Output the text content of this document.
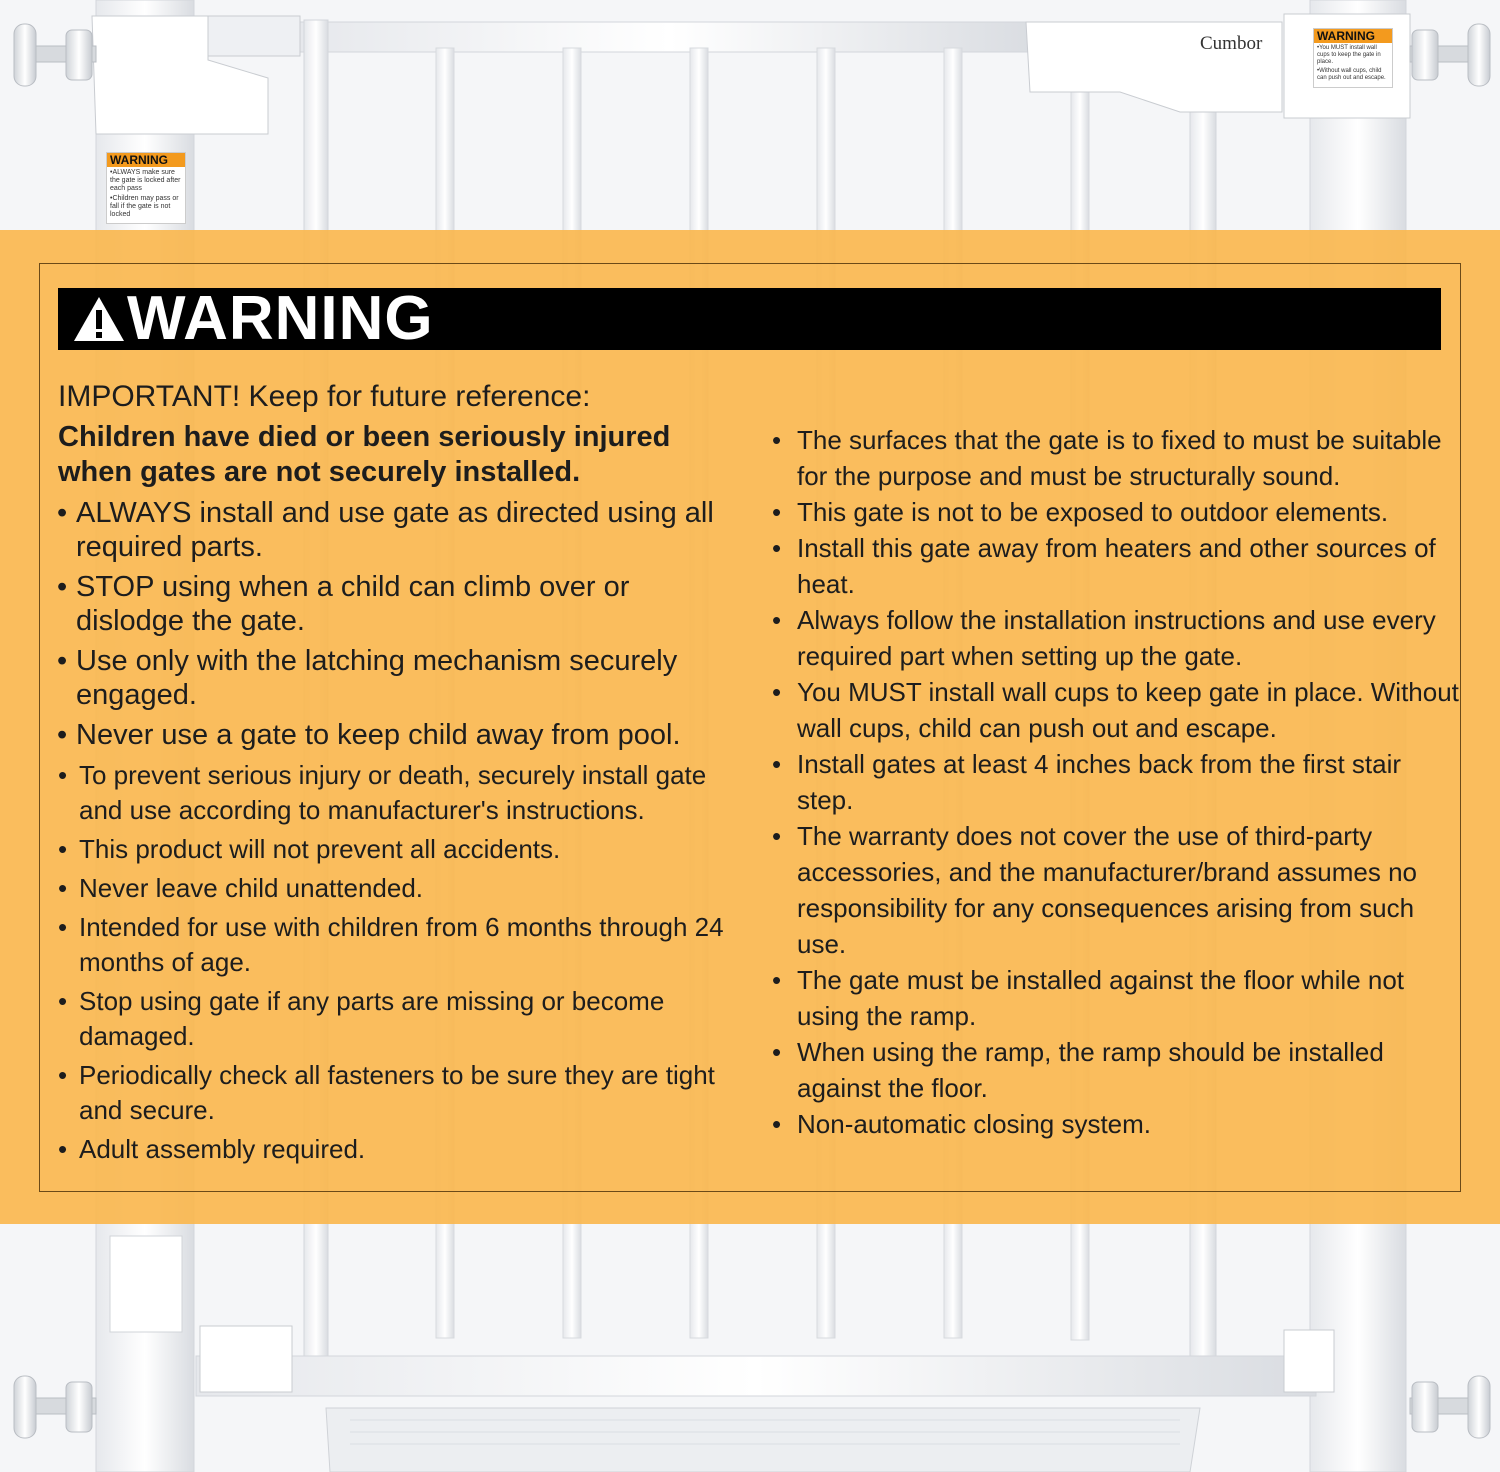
WARNING
•ALWAYS make sure the gate is locked after each pass
•Children may pass or fall if the gate is not locked
WARNING
•You MUST install wall cups to keep the gate in place.
•Without wall cups, child can push out and escape.
Cumbor
WARNING

IMPORTANT! Keep for future reference:

Children have died or been seriously injured
when gates are not securely installed.

• ALWAYS install and use gate as directed using all required parts.
• STOP using when a child can climb over or dislodge the gate.
• Use only with the latching mechanism securely engaged.
• Never use a gate to keep child away from pool.
• To prevent serious injury or death, securely install gate and use according to manufacturer's instructions.
• This product will not prevent all accidents.
• Never leave child unattended.
• Intended for use with children from 6 months through 24 months of age.
• Stop using gate if any parts are missing or become damaged.
• Periodically check all fasteners to be sure they are tight and secure.
• Adult assembly required.
• The surfaces that the gate is to fixed to must be suitable for the purpose and must be structurally sound.
• This gate is not to be exposed to outdoor elements.
• Install this gate away from heaters and other sources of heat.
• Always follow the installation instructions and use every required part when setting up the gate.
• You MUST install wall cups to keep gate in place. Without wall cups, child can push out and escape.
• Install gates at least 4 inches back from the first stair step.
• The warranty does not cover the use of third-party accessories, and the manufacturer/brand assumes no responsibility for any consequences arising from such use.
• The gate must be installed against the floor while not using the ramp.
• When using the ramp, the ramp should be installed against the floor.
• Non-automatic closing system.
